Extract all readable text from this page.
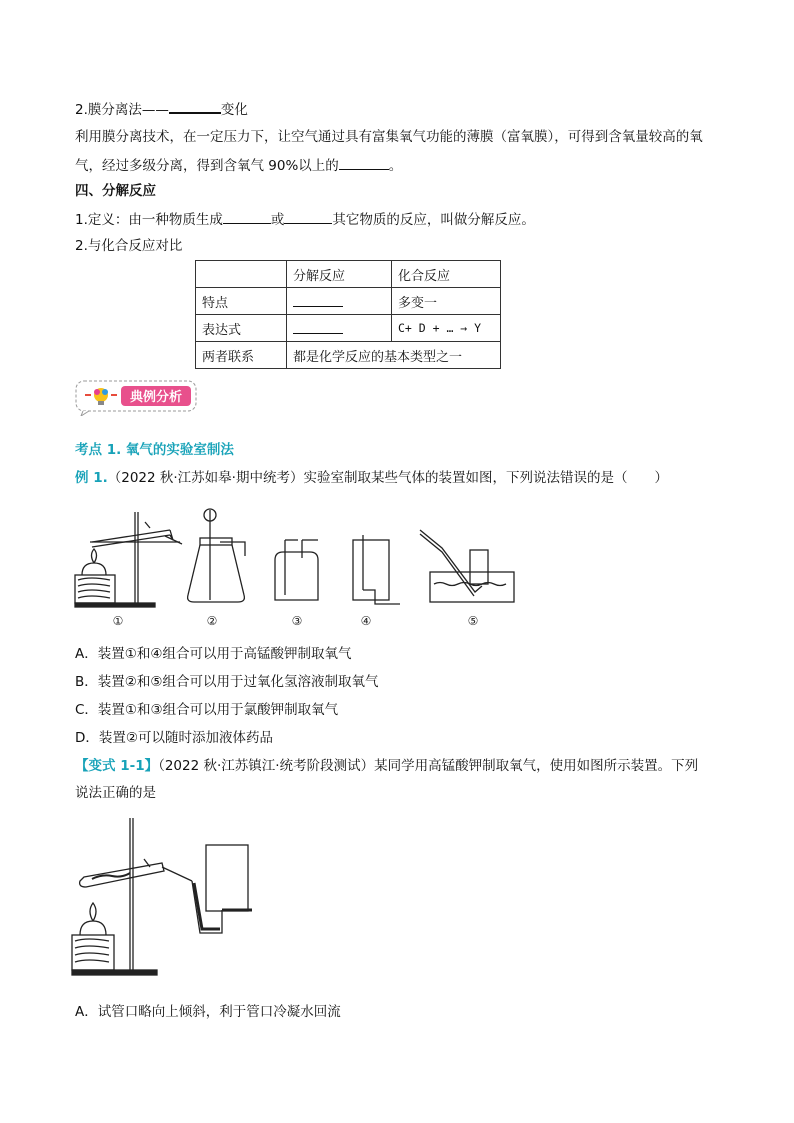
2.膜分离法——	变化
利用膜分离技术，在一定压力下，让空气通过具有富集氧气功能的薄膜（富氧膜），可得到含氧量较高的氧
气，经过多级分离，得到含氧气 90%以上的	。
四、分解反应
1.定义：由一种物质生成	或	其它物质的反应，叫做分解反应。
2.与化合反应对比
	分解反应	化合反应
特点		多变一
表达式		C+ D + … → Y
两者联系	都是化学反应的基本类型之一	
典例分析
考点 1. 氧气的实验室制法
例 1.（2022 秋·江苏如皋·期中统考）实验室制取某些气体的装置如图，下列说法错误的是（　　）
①	②	③	④	⑤
A．装置①和④组合可以用于高锰酸钾制取氧气
B．装置②和⑤组合可以用于过氧化氢溶液制取氧气
C．装置①和③组合可以用于氯酸钾制取氧气
D．装置②可以随时添加液体药品
【变式 1-1】（2022 秋·江苏镇江·统考阶段测试）某同学用高锰酸钾制取氧气，使用如图所示装置。下列
说法正确的是
A．试管口略向上倾斜，利于管口冷凝水回流
